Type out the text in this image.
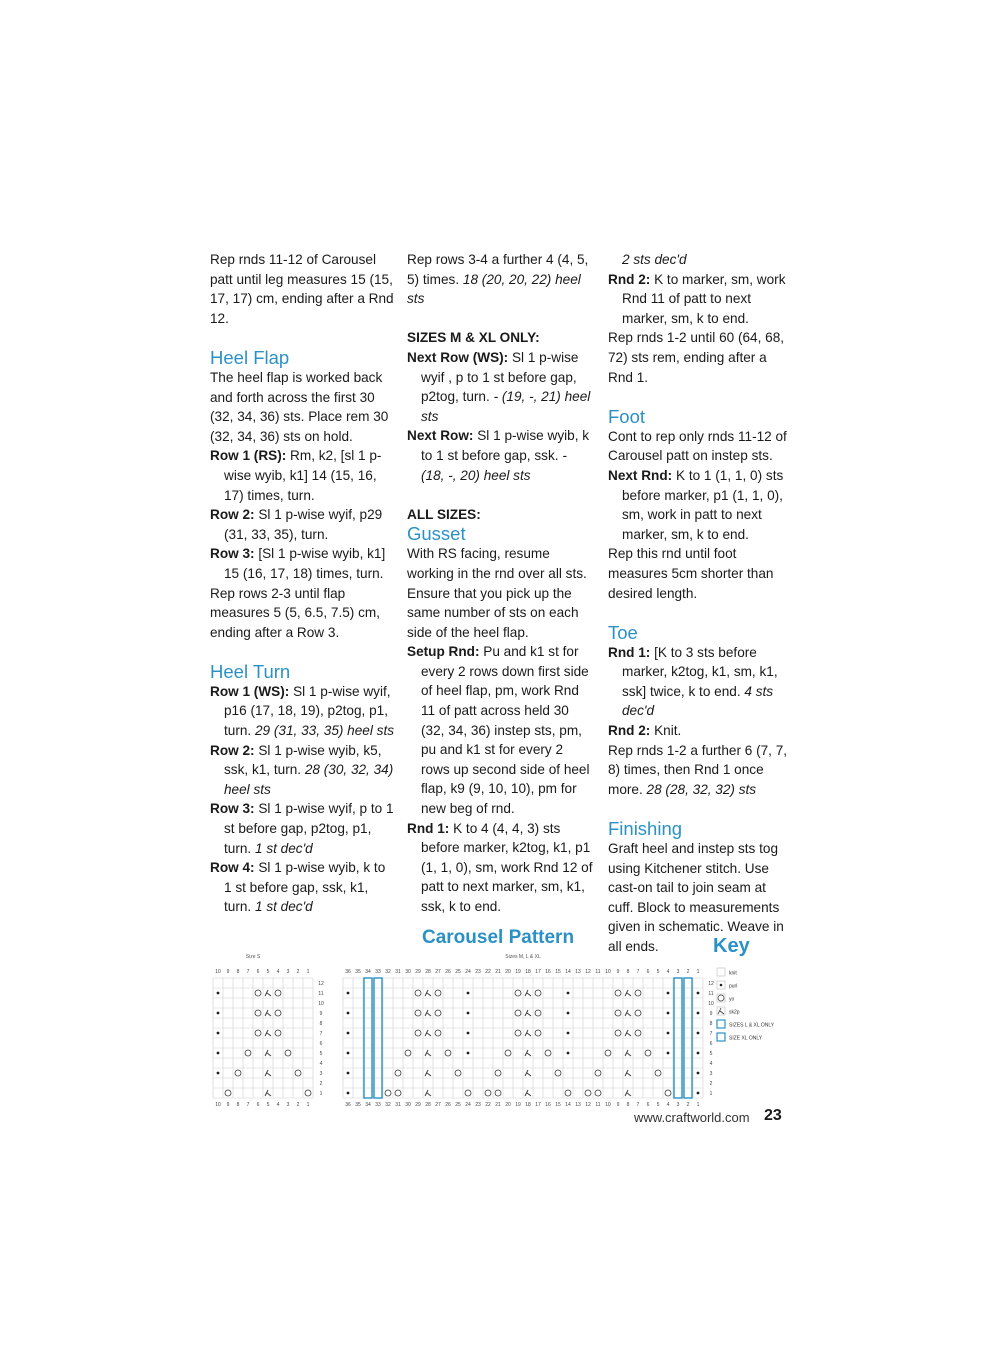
Rep rnds 11-12 of Carousel patt until leg measures 15 (15, 17, 17) cm, ending after a Rnd 12.

Heel Flap

The heel flap is worked back and forth across the first 30 (32, 34, 36) sts. Place rem 30 (32, 34, 36) sts on hold.

Row 1 (RS): Rm, k2, [sl 1 p-wise wyib, k1] 14 (15, 16, 17) times, turn.

Row 2: Sl 1 p-wise wyif, p29 (31, 33, 35), turn.

Row 3: [Sl 1 p-wise wyib, k1] 15 (16, 17, 18) times, turn.

Rep rows 2-3 until flap measures 5 (5, 6.5, 7.5) cm, ending after a Row 3.

Heel Turn

Row 1 (WS): Sl 1 p-wise wyif, p16 (17, 18, 19), p2tog, p1, turn. 29 (31, 33, 35) heel sts

Row 2: Sl 1 p-wise wyib, k5, ssk, k1, turn. 28 (30, 32, 34) heel sts

Row 3: Sl 1 p-wise wyif, p to 1 st before gap, p2tog, p1, turn. 1 st dec'd

Row 4: Sl 1 p-wise wyib, k to 1 st before gap, ssk, k1, turn. 1 st dec'd

Rep rows 3-4 a further 4 (4, 5, 5) times. 18 (20, 20, 22) heel sts

SIZES M & XL ONLY:

Next Row (WS): Sl 1 p-wise wyif , p to 1 st before gap, p2tog, turn. - (19, -, 21) heel sts

Next Row: Sl 1 p-wise wyib, k to 1 st before gap, ssk. - (18, -, 20) heel sts

ALL SIZES:

Gusset

With RS facing, resume working in the rnd over all sts. Ensure that you pick up the same number of sts on each side of the heel flap.

Setup Rnd: Pu and k1 st for every 2 rows down first side of heel flap, pm, work Rnd 11 of patt across held 30 (32, 34, 36) instep sts, pm, pu and k1 st for every 2 rows up second side of heel flap, k9 (9, 10, 10), pm for new beg of rnd.

Rnd 1: K to 4 (4, 4, 3) sts before marker, k2tog, k1, p1 (1, 1, 0), sm, work Rnd 12 of patt to next marker, sm, k1, ssk, k to end.

2 sts dec'd

Rnd 2: K to marker, sm, work Rnd 11 of patt to next marker, sm, k to end.

Rep rnds 1-2 until 60 (64, 68, 72) sts rem, ending after a Rnd 1.

Foot

Cont to rep only rnds 11-12 of Carousel patt on instep sts.

Next Rnd: K to 1 (1, 1, 0) sts before marker, p1 (1, 1, 0), sm, work in patt to next marker, sm, k to end.

Rep this rnd until foot measures 5cm shorter than desired length.

Toe

Rnd 1: [K to 3 sts before marker, k2tog, k1, sm, k1, ssk] twice, k to end. 4 sts dec'd

Rnd 2: Knit.

Rep rnds 1-2 a further 6 (7, 7, 8) times, then Rnd 1 once more. 28 (28, 32, 32) sts

Finishing

Graft heel and instep sts tog using Kitchener stitch. Use cast-on tail to join seam at cuff. Block to measurements given in schematic. Weave in all ends.

Carousel Pattern	Key
Size S
10
10
9
9
8
8
7
7
6
6
5
5
4
4
3
3
2
2
1
1
12
11
10
9
8
7
6
5
4
3
2
1
Sizes M, L & XL
36
36
35
35
34
34
33
33
32
32
31
31
30
30
29
29
28
28
27
27
26
26
25
25
24
24
23
23
22
22
21
21
20
20
19
19
18
18
17
17
16
16
15
15
14
14
13
13
12
12
11
11
10
10
9
9
8
8
7
7
6
6
5
5
4
4
3
3
2
2
1
1
12
11
10
9
8
7
6
5
4
3
2
1
knit
purl
yo
sk2p
SIZES L & XL ONLY
SIZE XL ONLY
www.craftworld.com 23
